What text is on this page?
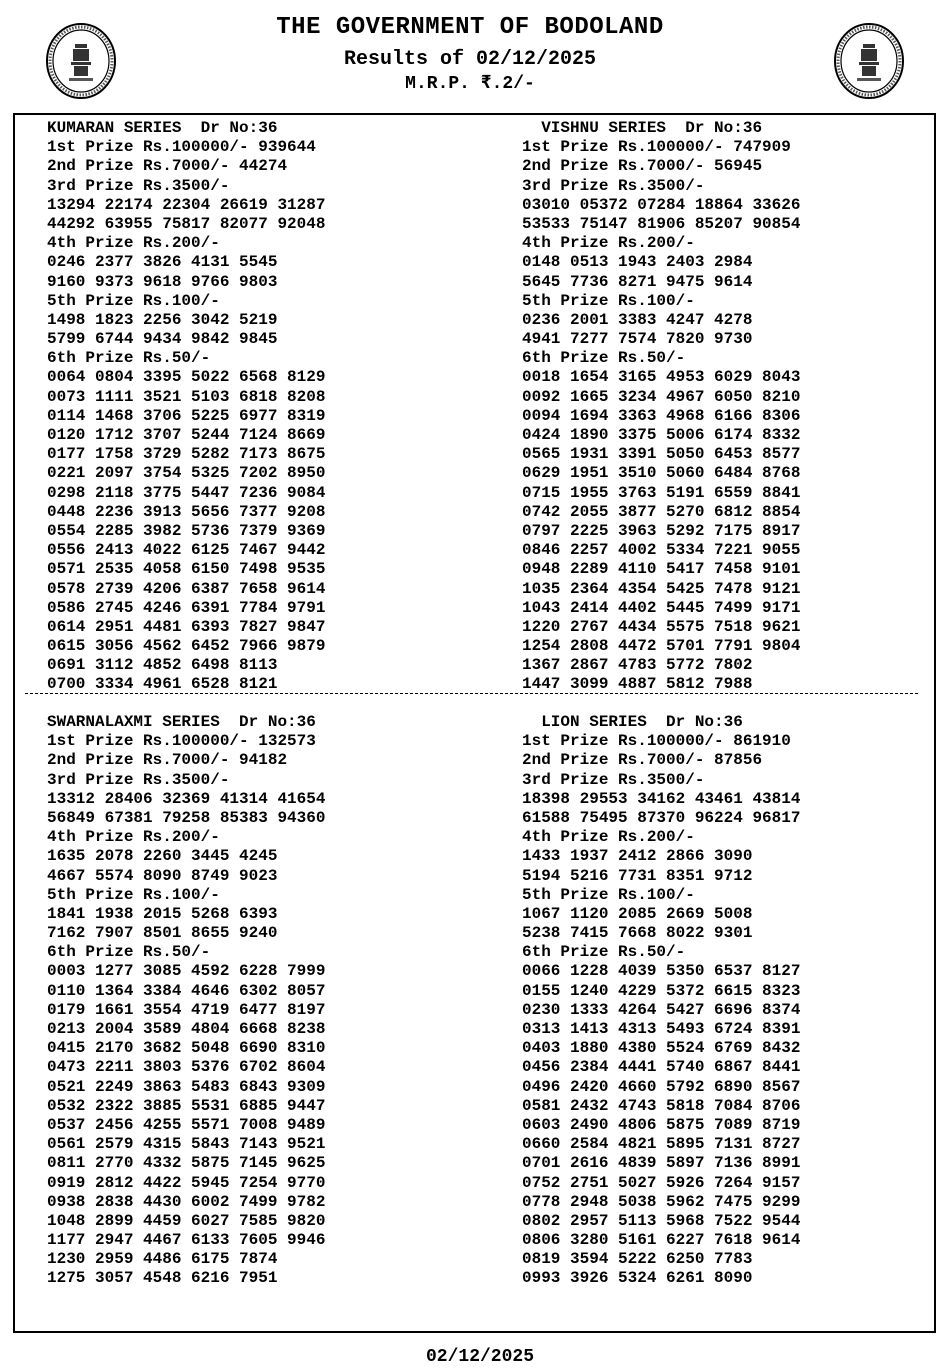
THE GOVERNMENT OF BODOLAND
Results of 02/12/2025
M.R.P. ₹.2/-
KUMARAN SERIES  Dr No:36
1st Prize Rs.100000/- 939644
2nd Prize Rs.7000/- 44274
3rd Prize Rs.3500/-
13294 22174 22304 26619 31287
44292 63955 75817 82077 92048
4th Prize Rs.200/-
0246 2377 3826 4131 5545
9160 9373 9618 9766 9803
5th Prize Rs.100/-
1498 1823 2256 3042 5219
5799 6744 9434 9842 9845
6th Prize Rs.50/-
0064 0804 3395 5022 6568 8129
0073 1111 3521 5103 6818 8208
0114 1468 3706 5225 6977 8319
0120 1712 3707 5244 7124 8669
0177 1758 3729 5282 7173 8675
0221 2097 3754 5325 7202 8950
0298 2118 3775 5447 7236 9084
0448 2236 3913 5656 7377 9208
0554 2285 3982 5736 7379 9369
0556 2413 4022 6125 7467 9442
0571 2535 4058 6150 7498 9535
0578 2739 4206 6387 7658 9614
0586 2745 4246 6391 7784 9791
0614 2951 4481 6393 7827 9847
0615 3056 4562 6452 7966 9879
0691 3112 4852 6498 8113
0700 3334 4961 6528 8121
VISHNU SERIES  Dr No:36
1st Prize Rs.100000/- 747909
2nd Prize Rs.7000/- 56945
3rd Prize Rs.3500/-
03010 05372 07284 18864 33626
53533 75147 81906 85207 90854
4th Prize Rs.200/-
0148 0513 1943 2403 2984
5645 7736 8271 9475 9614
5th Prize Rs.100/-
0236 2001 3383 4247 4278
4941 7277 7574 7820 9730
6th Prize Rs.50/-
0018 1654 3165 4953 6029 8043
0092 1665 3234 4967 6050 8210
0094 1694 3363 4968 6166 8306
0424 1890 3375 5006 6174 8332
0565 1931 3391 5050 6453 8577
0629 1951 3510 5060 6484 8768
0715 1955 3763 5191 6559 8841
0742 2055 3877 5270 6812 8854
0797 2225 3963 5292 7175 8917
0846 2257 4002 5334 7221 9055
0948 2289 4110 5417 7458 9101
1035 2364 4354 5425 7478 9121
1043 2414 4402 5445 7499 9171
1220 2767 4434 5575 7518 9621
1254 2808 4472 5701 7791 9804
1367 2867 4783 5772 7802
1447 3099 4887 5812 7988
SWARNALAXMI SERIES  Dr No:36
1st Prize Rs.100000/- 132573
2nd Prize Rs.7000/- 94182
3rd Prize Rs.3500/-
13312 28406 32369 41314 41654
56849 67381 79258 85383 94360
4th Prize Rs.200/-
1635 2078 2260 3445 4245
4667 5574 8090 8749 9023
5th Prize Rs.100/-
1841 1938 2015 5268 6393
7162 7907 8501 8655 9240
6th Prize Rs.50/-
0003 1277 3085 4592 6228 7999
0110 1364 3384 4646 6302 8057
0179 1661 3554 4719 6477 8197
0213 2004 3589 4804 6668 8238
0415 2170 3682 5048 6690 8310
0473 2211 3803 5376 6702 8604
0521 2249 3863 5483 6843 9309
0532 2322 3885 5531 6885 9447
0537 2456 4255 5571 7008 9489
0561 2579 4315 5843 7143 9521
0811 2770 4332 5875 7145 9625
0919 2812 4422 5945 7254 9770
0938 2838 4430 6002 7499 9782
1048 2899 4459 6027 7585 9820
1177 2947 4467 6133 7605 9946
1230 2959 4486 6175 7874
1275 3057 4548 6216 7951
LION SERIES  Dr No:36
1st Prize Rs.100000/- 861910
2nd Prize Rs.7000/- 87856
3rd Prize Rs.3500/-
18398 29553 34162 43461 43814
61588 75495 87370 96224 96817
4th Prize Rs.200/-
1433 1937 2412 2866 3090
5194 5216 7731 8351 9712
5th Prize Rs.100/-
1067 1120 2085 2669 5008
5238 7415 7668 8022 9301
6th Prize Rs.50/-
0066 1228 4039 5350 6537 8127
0155 1240 4229 5372 6615 8323
0230 1333 4264 5427 6696 8374
0313 1413 4313 5493 6724 8391
0403 1880 4380 5524 6769 8432
0456 2384 4441 5740 6867 8441
0496 2420 4660 5792 6890 8567
0581 2432 4743 5818 7084 8706
0603 2490 4806 5875 7089 8719
0660 2584 4821 5895 7131 8727
0701 2616 4839 5897 7136 8991
0752 2751 5027 5926 7264 9157
0778 2948 5038 5962 7475 9299
0802 2957 5113 5968 7522 9544
0806 3280 5161 6227 7618 9614
0819 3594 5222 6250 7783
0993 3926 5324 6261 8090
02/12/2025
